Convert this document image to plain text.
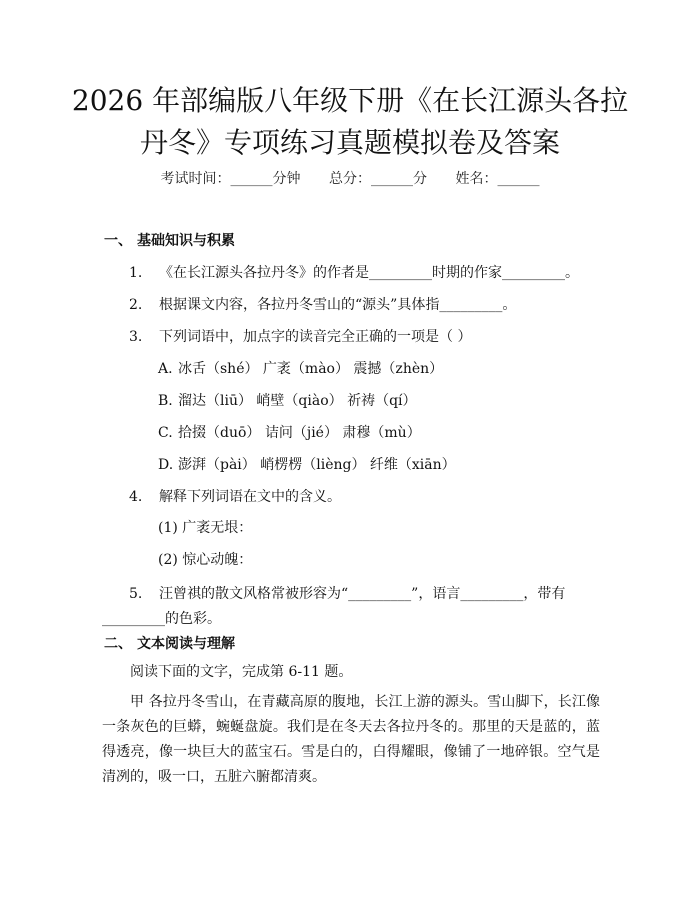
2026 年部编版八年级下册《在长江源头各拉
丹冬》专项练习真题模拟卷及答案
考试时间：______分钟 总分：______分 姓名：______
一、 基础知识与积累
1. 《在长江源头各拉丹冬》的作者是_________时期的作家_________。
2. 根据课文内容，各拉丹冬雪山的“源头”具体指_________。
3. 下列词语中，加点字的读音完全正确的一项是（ ）
A. 冰舌（shé） 广袤（mào） 震撼（zhèn）
B. 溜达（liū） 峭壁（qiào） 祈祷（qí）
C. 拾掇（duō） 诘问（jié） 肃穆（mù）
D. 澎湃（pài） 峭楞楞（lièng） 纤维（xiān）
4. 解释下列词语在文中的含义。
(1) 广袤无垠：
(2) 惊心动魄：
5. 汪曾祺的散文风格常被形容为“_________”，语言_________，带有_________的色彩。
二、 文本阅读与理解
阅读下面的文字，完成第 6-11 题。
甲 各拉丹冬雪山，在青藏高原的腹地，长江上游的源头。雪山脚下，长江像一条灰色的巨蟒，蜿蜒盘旋。我们是在冬天去各拉丹冬的。那里的天是蓝的，蓝得透亮，像一块巨大的蓝宝石。雪是白的，白得耀眼，像铺了一地碎银。空气是清冽的，吸一口，五脏六腑都清爽。
